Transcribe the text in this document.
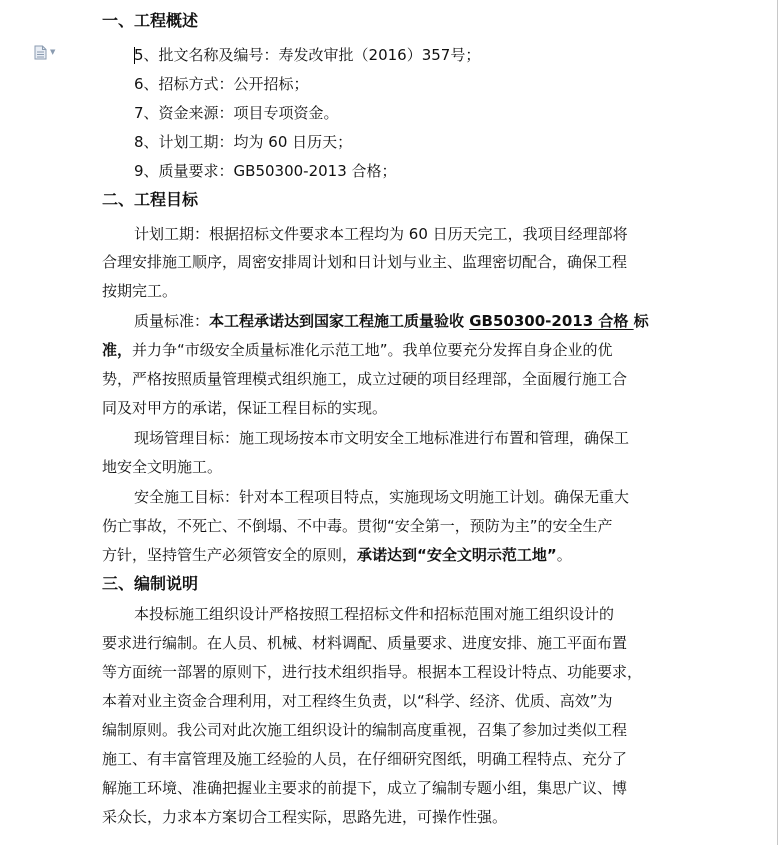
▼
一、工程概述
5、批文名称及编号：寿发改审批（2016）357号；
6、招标方式：公开招标；
7、资金来源：项目专项资金。
8、计划工期：均为 60 日历天；
9、质量要求：GB50300-2013 合格；
二、工程目标
计划工期：根据招标文件要求本工程均为 60 日历天完工，我项目经理部将
合理安排施工顺序，周密安排周计划和日计划与业主、监理密切配合，确保工程
按期完工。
质量标准：本工程承诺达到国家工程施工质量验收 GB50300-2013 合格 标
准，并力争“市级安全质量标准化示范工地”。我单位要充分发挥自身企业的优
势，严格按照质量管理模式组织施工，成立过硬的项目经理部，全面履行施工合
同及对甲方的承诺，保证工程目标的实现。
现场管理目标：施工现场按本市文明安全工地标准进行布置和管理，确保工
地安全文明施工。
安全施工目标：针对本工程项目特点，实施现场文明施工计划。确保无重大
伤亡事故，不死亡、不倒塌、不中毒。贯彻“安全第一，预防为主”的安全生产
方针，坚持管生产必须管安全的原则，承诺达到“安全文明示范工地”。
三、编制说明
本投标施工组织设计严格按照工程招标文件和招标范围对施工组织设计的
要求进行编制。在人员、机械、材料调配、质量要求、进度安排、施工平面布置
等方面统一部署的原则下，进行技术组织指导。根据本工程设计特点、功能要求，
本着对业主资金合理利用，对工程终生负责，以“科学、经济、优质、高效”为
编制原则。我公司对此次施工组织设计的编制高度重视，召集了参加过类似工程
施工、有丰富管理及施工经验的人员，在仔细研究图纸，明确工程特点、充分了
解施工环境、准确把握业主要求的前提下，成立了编制专题小组，集思广议、博
采众长，力求本方案切合工程实际，思路先进，可操作性强。
